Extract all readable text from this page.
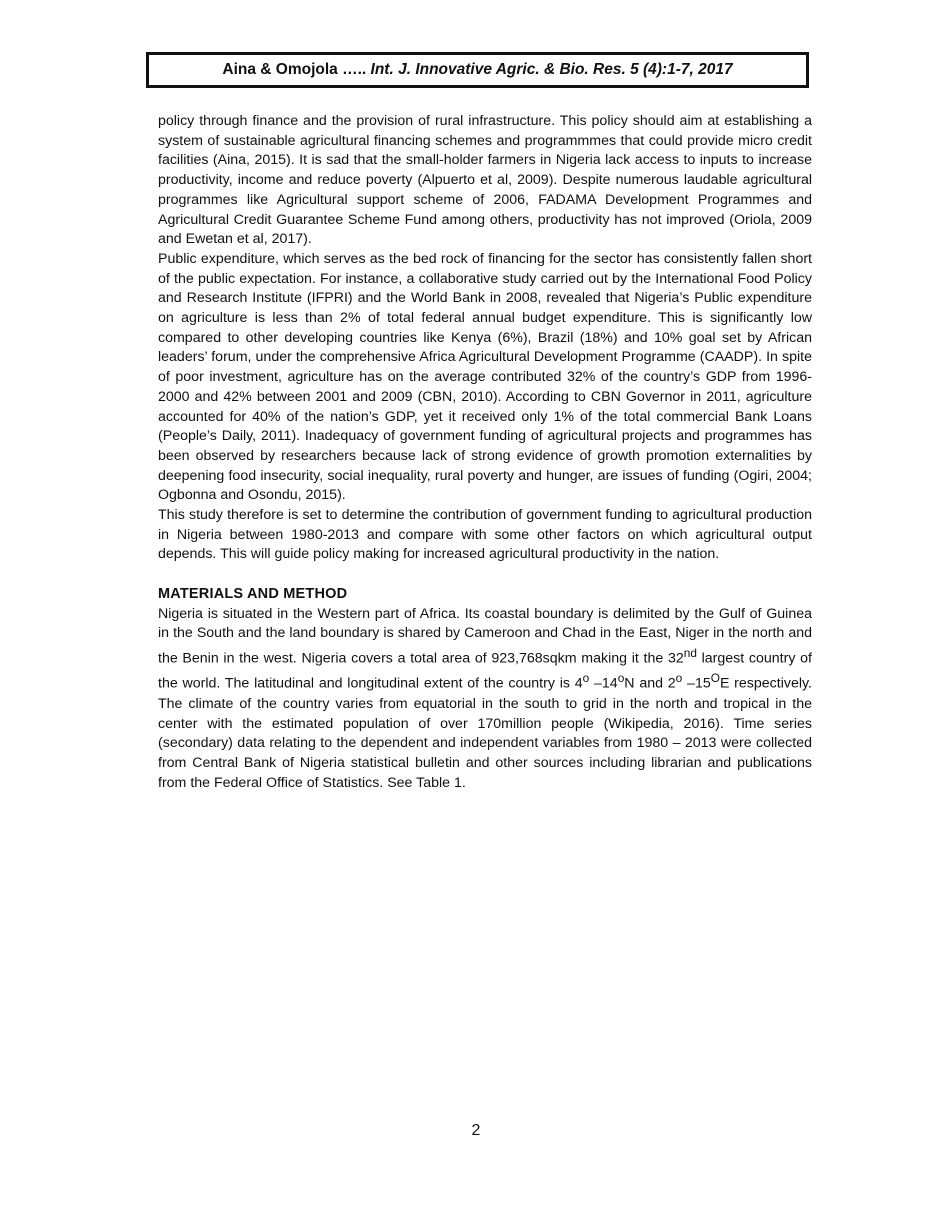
Aina & Omojola …..
Int. J. Innovative Agric. & Bio. Res. 5 (4):1-7, 2017

policy through finance and the provision of rural infrastructure. This policy should aim at establishing a system of sustainable agricultural financing schemes and programmmes that could provide micro credit facilities (Aina, 2015). It is sad that the small-holder farmers in Nigeria lack access to inputs to increase productivity, income and reduce poverty (Alpuerto et al, 2009). Despite numerous laudable agricultural programmes like Agricultural support scheme of 2006, FADAMA Development Programmes and Agricultural Credit Guarantee Scheme Fund among others, productivity has not improved (Oriola, 2009 and Ewetan et al, 2017).

Public expenditure, which serves as the bed rock of financing for the sector has consistently fallen short of the public expectation. For instance, a collaborative study carried out by the International Food Policy and Research Institute (IFPRI) and the World Bank in 2008, revealed that Nigeria’s Public expenditure on agriculture is less than 2% of total federal annual budget expenditure. This is significantly low compared to other developing countries like Kenya (6%), Brazil (18%) and 10% goal set by African leaders’ forum, under the comprehensive Africa Agricultural Development Programme (CAADP). In spite of poor investment, agriculture has on the average contributed 32% of the country’s GDP from 1996-2000 and 42% between 2001 and 2009 (CBN, 2010). According to CBN Governor in 2011, agriculture accounted for 40% of the nation’s GDP, yet it received only 1% of the total commercial Bank Loans (People’s Daily, 2011). Inadequacy of government funding of agricultural projects and programmes has been observed by researchers because lack of strong evidence of growth promotion externalities by deepening food insecurity, social inequality, rural poverty and hunger, are issues of funding (Ogiri, 2004; Ogbonna and Osondu, 2015).

This study therefore is set to determine the contribution of government funding to agricultural production in Nigeria between 1980-2013 and compare with some other factors on which agricultural output depends. This will guide policy making for increased agricultural productivity in the nation.

MATERIALS AND METHOD

Nigeria is situated in the Western part of Africa. Its coastal boundary is delimited by the Gulf of Guinea in the South and the land boundary is shared by Cameroon and Chad in the East, Niger in the north and the Benin in the west. Nigeria covers a total area of 923,768sqkm making it the 32nd largest country of the world. The latitudinal and longitudinal extent of the country is 4$^o$ –14$^o$N and 2$^o$ $-15^OE$ respectively. The climate of the country varies from equatorial in the south to grid in the north and tropical in the center with the estimated population of over 170million people (Wikipedia, 2016). Time series (secondary) data relating to the dependent and independent variables from 1980 – 2013 were collected from Central Bank of Nigeria statistical bulletin and other sources including librarian and publications from the Federal Office of Statistics. See Table 1.

2
